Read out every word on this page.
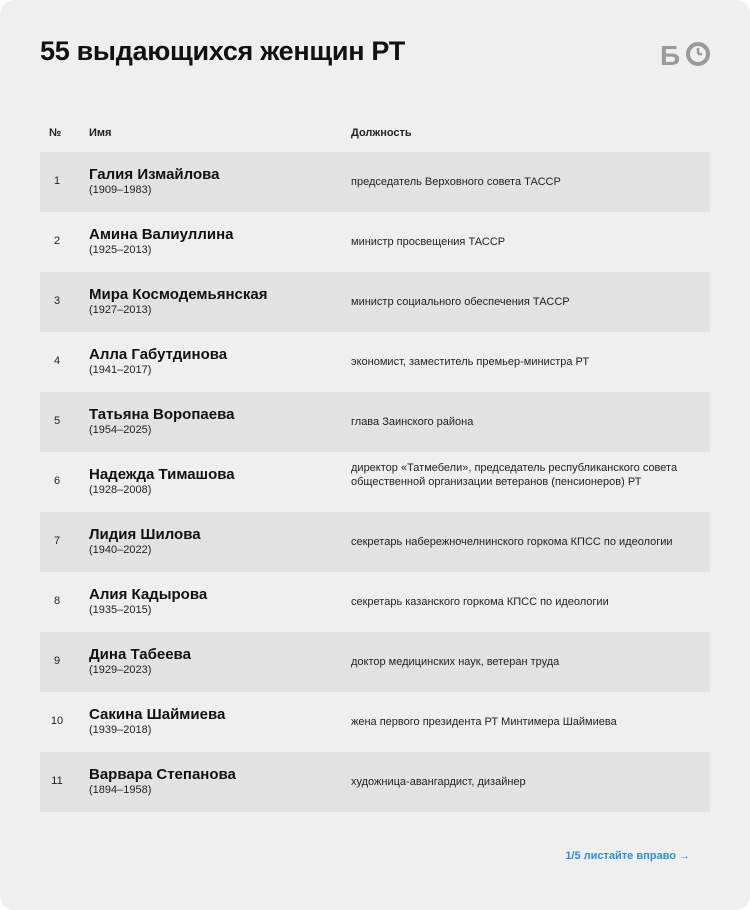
55 выдающихся женщин РТ	Б
№	Имя	Должность
1	Галия Измайлова
(1909–1983)
председатель Верховного совета ТАССР
2	Амина Валиуллина
(1925–2013)
министр просвещения ТАССР
3	Мира Космодемьянская
(1927–2013)
министр социального обеспечения ТАССР
4	Алла Габутдинова
(1941–2017)
экономист, заместитель премьер-министра РТ
5	Татьяна Воропаева
(1954–2025)
глава Заинского района
6	Надежда Тимашова
(1928–2008)
директор «Татмебели», председатель республиканского совета общественной организации ветеранов (пенсионеров) РТ
7	Лидия Шилова
(1940–2022)
секретарь набережночелнинского горкома КПСС по идеологии
8	Алия Кадырова
(1935–2015)
секретарь казанского горкома КПСС по идеологии
9	Дина Табеева
(1929–2023)
доктор медицинских наук, ветеран труда
10	Сакина Шаймиева
(1939–2018)
жена первого президента РТ Минтимера Шаймиева
11	Варвара Степанова
(1894–1958)
художница-авангардист, дизайнер
1/5 листайте вправо →
